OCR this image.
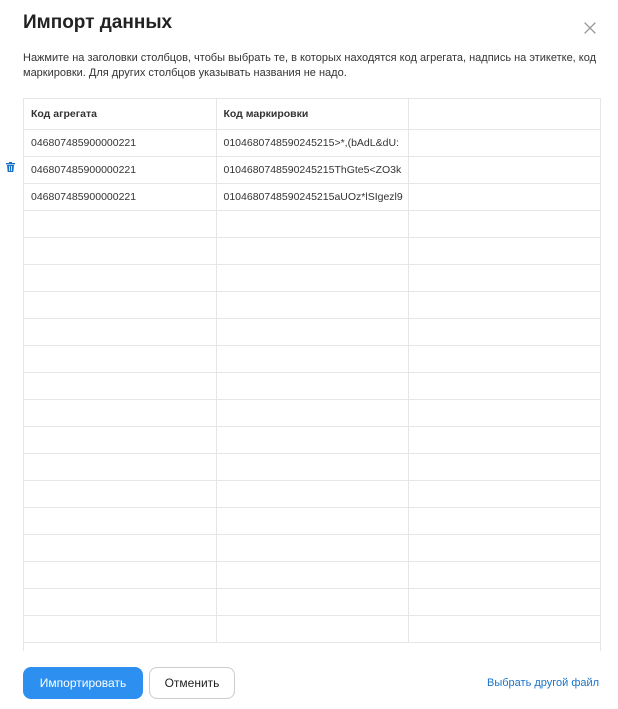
Импорт данных
Нажмите на заголовки столбцов, чтобы выбрать те, в которых находятся код агрегата, надпись на этикетке, код маркировки. Для других столбцов указывать названия не надо.
Код агрегата	Код маркировки	
046807485900000221	0104680748590245215>*,(bAdL&dU:	
046807485900000221	0104680748590245215ThGte5<ZO3k	
046807485900000221	0104680748590245215aUOz*lSIgezl9	

Импортировать	Отменить	Выбрать другой файл
